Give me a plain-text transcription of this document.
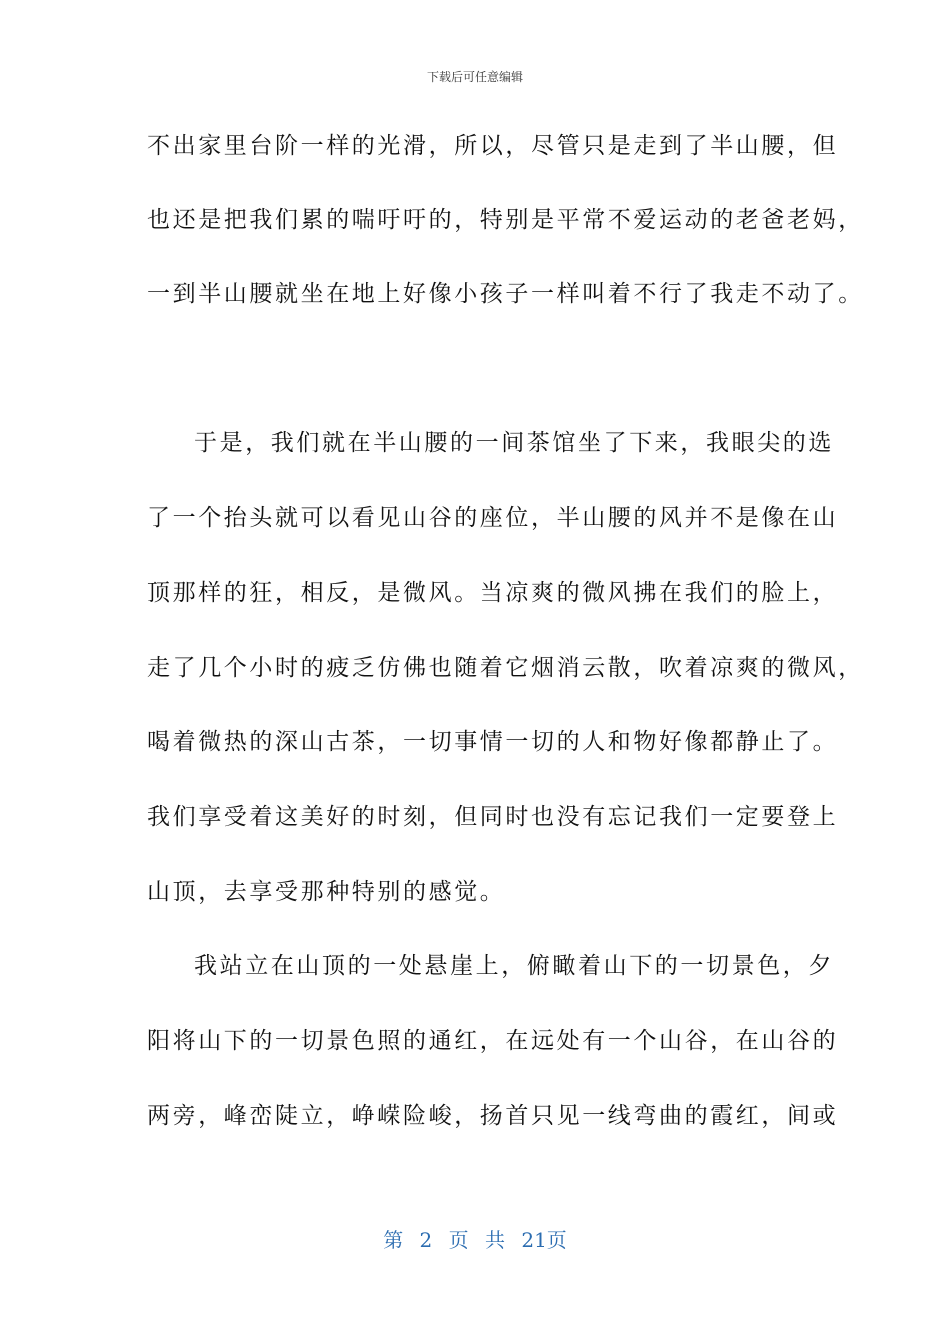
下载后可任意编辑
不出家里台阶一样的光滑，所以，尽管只是走到了半山腰，但
也还是把我们累的喘吁吁的，特别是平常不爱运动的老爸老妈，
一到半山腰就坐在地上好像小孩子一样叫着不行了我走不动了。
于是，我们就在半山腰的一间茶馆坐了下来，我眼尖的选
了一个抬头就可以看见山谷的座位，半山腰的风并不是像在山
顶那样的狂，相反，是微风。当凉爽的微风拂在我们的脸上，
走了几个小时的疲乏仿佛也随着它烟消云散，吹着凉爽的微风，
喝着微热的深山古茶，一切事情一切的人和物好像都静止了。
我们享受着这美好的时刻，但同时也没有忘记我们一定要登上
山顶，去享受那种特别的感觉。
我站立在山顶的一处悬崖上，俯瞰着山下的一切景色，夕
阳将山下的一切景色照的通红，在远处有一个山谷，在山谷的
两旁，峰峦陡立，峥嵘险峻，扬首只见一线弯曲的霞红，间或
第 2 页 共 21页
